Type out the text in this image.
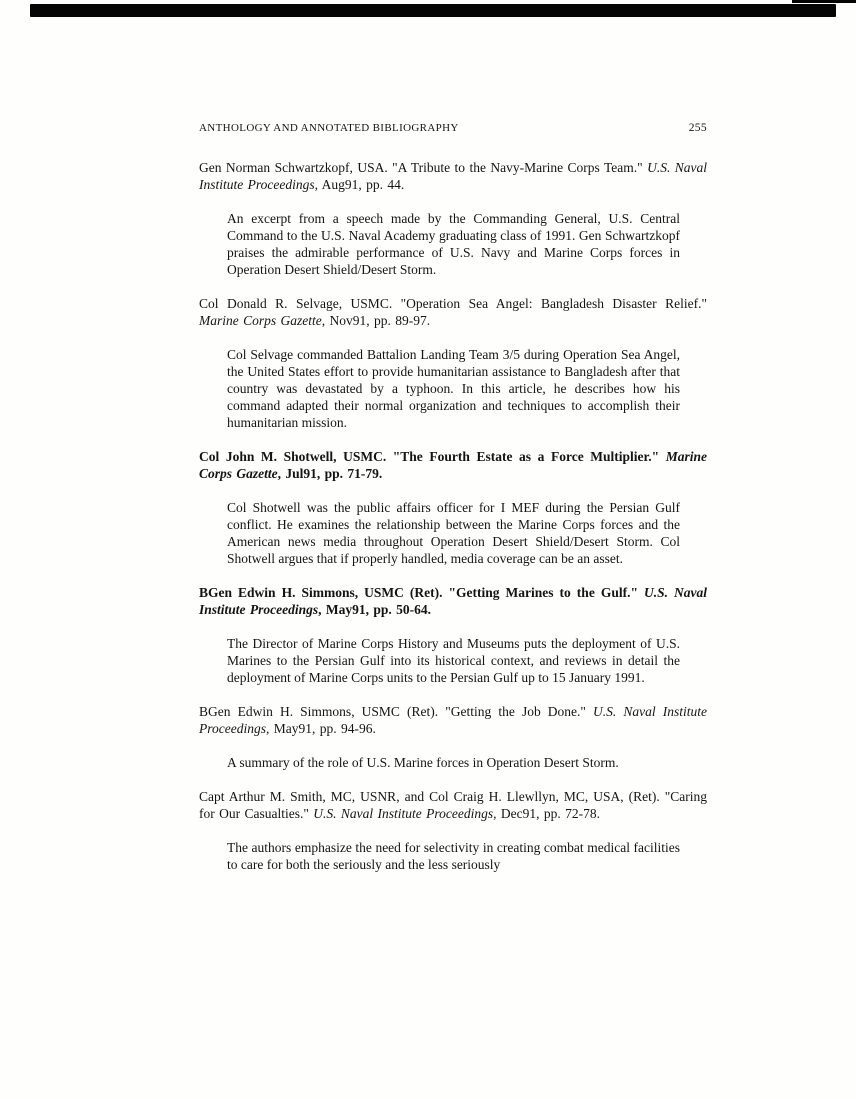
ANTHOLOGY AND ANNOTATED BIBLIOGRAPHY	255

Gen Norman Schwartzkopf, USA. "A Tribute to the Navy-Marine Corps Team." U.S. Naval Institute Proceedings, Aug91, pp. 44.

An excerpt from a speech made by the Commanding General, U.S. Central Command to the U.S. Naval Academy graduating class of 1991. Gen Schwartzkopf praises the admirable performance of U.S. Navy and Marine Corps forces in Operation Desert Shield/Desert Storm.

Col Donald R. Selvage, USMC. "Operation Sea Angel: Bangladesh Disaster Relief." Marine Corps Gazette, Nov91, pp. 89-97.

Col Selvage commanded Battalion Landing Team 3/5 during Operation Sea Angel, the United States effort to provide humanitarian assistance to Bangladesh after that country was devastated by a typhoon. In this article, he describes how his command adapted their normal organization and techniques to accomplish their humanitarian mission.

Col John M. Shotwell, USMC. "The Fourth Estate as a Force Multiplier." Marine Corps Gazette, Jul91, pp. 71-79.

Col Shotwell was the public affairs officer for I MEF during the Persian Gulf conflict. He examines the relationship between the Marine Corps forces and the American news media throughout Operation Desert Shield/Desert Storm. Col Shotwell argues that if properly handled, media coverage can be an asset.

BGen Edwin H. Simmons, USMC (Ret). "Getting Marines to the Gulf." U.S. Naval Institute Proceedings, May91, pp. 50-64.

The Director of Marine Corps History and Museums puts the deployment of U.S. Marines to the Persian Gulf into its historical context, and reviews in detail the deployment of Marine Corps units to the Persian Gulf up to 15 January 1991.

BGen Edwin H. Simmons, USMC (Ret). "Getting the Job Done." U.S. Naval Institute Proceedings, May91, pp. 94-96.

A summary of the role of U.S. Marine forces in Operation Desert Storm.

Capt Arthur M. Smith, MC, USNR, and Col Craig H. Llewllyn, MC, USA, (Ret). "Caring for Our Casualties." U.S. Naval Institute Proceedings, Dec91, pp. 72-78.

The authors emphasize the need for selectivity in creating combat medical facilities to care for both the seriously and the less seriously
